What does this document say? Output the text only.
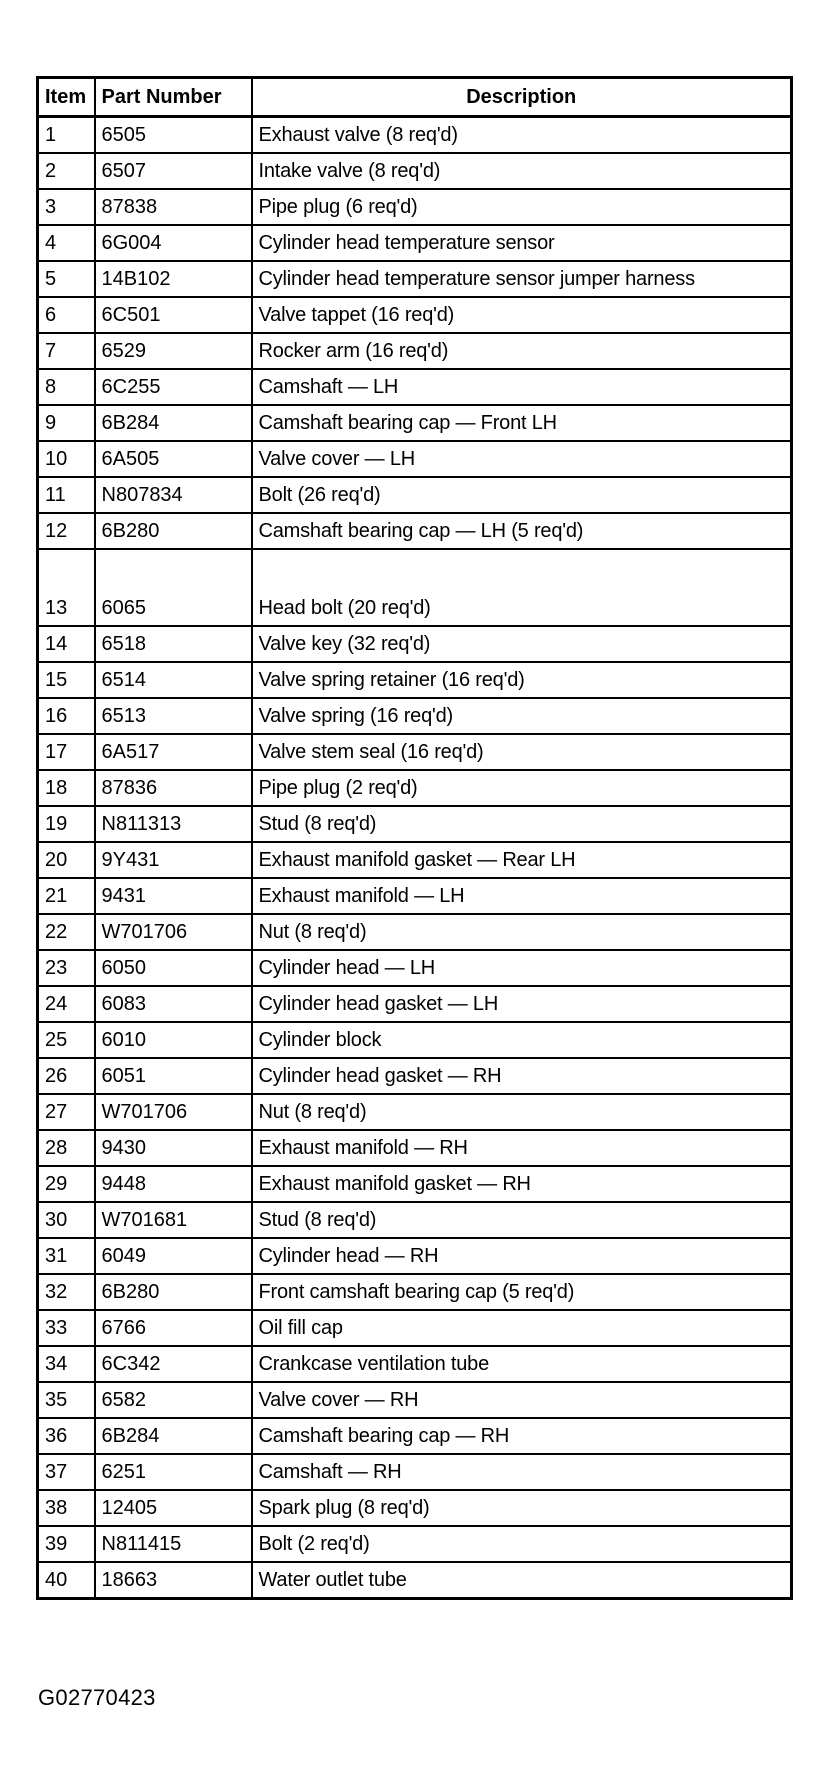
Item	Part Number	Description
1	6505	Exhaust valve (8 req'd)
2	6507	Intake valve (8 req'd)
3	87838	Pipe plug (6 req'd)
4	6G004	Cylinder head temperature sensor
5	14B102	Cylinder head temperature sensor jumper harness
6	6C501	Valve tappet (16 req'd)
7	6529	Rocker arm (16 req'd)
8	6C255	Camshaft — LH
9	6B284	Camshaft bearing cap — Front LH
10	6A505	Valve cover — LH
11	N807834	Bolt (26 req'd)
12	6B280	Camshaft bearing cap — LH (5 req'd)
13	6065	Head bolt (20 req'd)
14	6518	Valve key (32 req'd)
15	6514	Valve spring retainer (16 req'd)
16	6513	Valve spring (16 req'd)
17	6A517	Valve stem seal (16 req'd)
18	87836	Pipe plug (2 req'd)
19	N811313	Stud (8 req'd)
20	9Y431	Exhaust manifold gasket — Rear LH
21	9431	Exhaust manifold — LH
22	W701706	Nut (8 req'd)
23	6050	Cylinder head — LH
24	6083	Cylinder head gasket — LH
25	6010	Cylinder block
26	6051	Cylinder head gasket — RH
27	W701706	Nut (8 req'd)
28	9430	Exhaust manifold — RH
29	9448	Exhaust manifold gasket — RH
30	W701681	Stud (8 req'd)
31	6049	Cylinder head — RH
32	6B280	Front camshaft bearing cap (5 req'd)
33	6766	Oil fill cap
34	6C342	Crankcase ventilation tube
35	6582	Valve cover — RH
36	6B284	Camshaft bearing cap — RH
37	6251	Camshaft — RH
38	12405	Spark plug (8 req'd)
39	N811415	Bolt (2 req'd)
40	18663	Water outlet tube
G02770423
